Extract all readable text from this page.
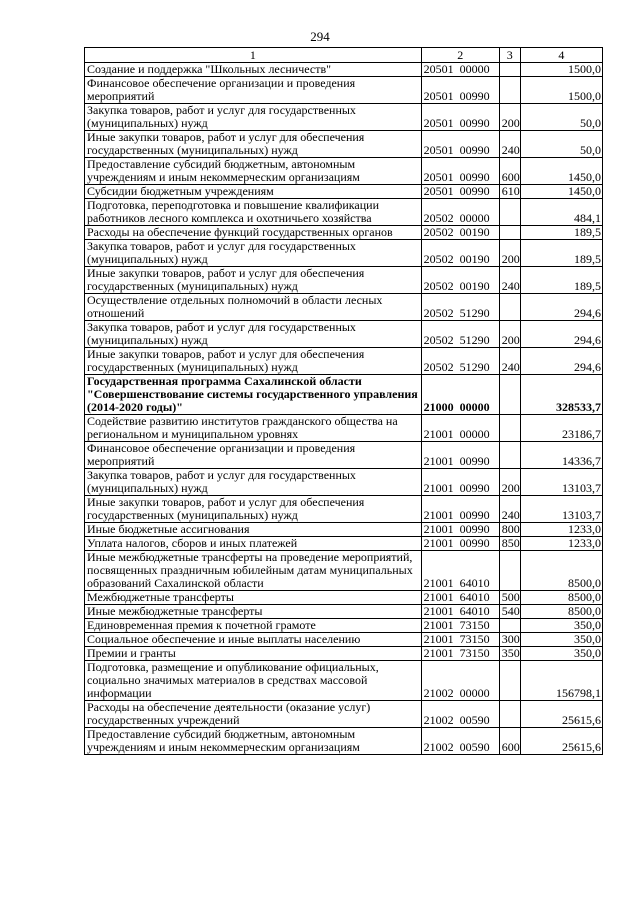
294
1	2	3	4
Создание и поддержка "Школьных лесничеств"	20501 00000		1500,0
Финансовое обеспечение организации и проведения мероприятий	20501 00990		1500,0
Закупка товаров, работ и услуг для государственных (муниципальных) нужд	20501 00990	200	50,0
Иные закупки товаров, работ и услуг для обеспечения государственных (муниципальных) нужд	20501 00990	240	50,0
Предоставление субсидий бюджетным, автономным учреждениям и иным некоммерческим организациям	20501 00990	600	1450,0
Субсидии бюджетным учреждениям	20501 00990	610	1450,0
Подготовка, переподготовка и повышение квалификации работников лесного комплекса и охотничьего хозяйства	20502 00000		484,1
Расходы на обеспечение функций государственных органов	20502 00190		189,5
Закупка товаров, работ и услуг для государственных (муниципальных) нужд	20502 00190	200	189,5
Иные закупки товаров, работ и услуг для обеспечения государственных (муниципальных) нужд	20502 00190	240	189,5
Осуществление отдельных полномочий в области лесных отношений	20502 51290		294,6
Закупка товаров, работ и услуг для государственных (муниципальных) нужд	20502 51290	200	294,6
Иные закупки товаров, работ и услуг для обеспечения государственных (муниципальных) нужд	20502 51290	240	294,6
Государственная программа Сахалинской области "Совершенствование системы государственного управления (2014-2020 годы)"	21000 00000		328533,7
Содействие развитию институтов гражданского общества на региональном и муниципальном уровнях	21001 00000		23186,7
Финансовое обеспечение организации и проведения мероприятий	21001 00990		14336,7
Закупка товаров, работ и услуг для государственных (муниципальных) нужд	21001 00990	200	13103,7
Иные закупки товаров, работ и услуг для обеспечения государственных (муниципальных) нужд	21001 00990	240	13103,7
Иные бюджетные ассигнования	21001 00990	800	1233,0
Уплата налогов, сборов и иных платежей	21001 00990	850	1233,0
Иные межбюджетные трансферты на проведение мероприятий, посвященных праздничным юбилейным датам муниципальных образований Сахалинской области	21001 64010		8500,0
Межбюджетные трансферты	21001 64010	500	8500,0
Иные межбюджетные трансферты	21001 64010	540	8500,0
Единовременная премия к почетной грамоте	21001 73150		350,0
Социальное обеспечение и иные выплаты населению	21001 73150	300	350,0
Премии и гранты	21001 73150	350	350,0
Подготовка, размещение и опубликование официальных, социально значимых материалов в средствах массовой информации	21002 00000		156798,1
Расходы на обеспечение деятельности (оказание услуг) государственных учреждений	21002 00590		25615,6
Предоставление субсидий бюджетным, автономным учреждениям и иным некоммерческим организациям	21002 00590	600	25615,6
